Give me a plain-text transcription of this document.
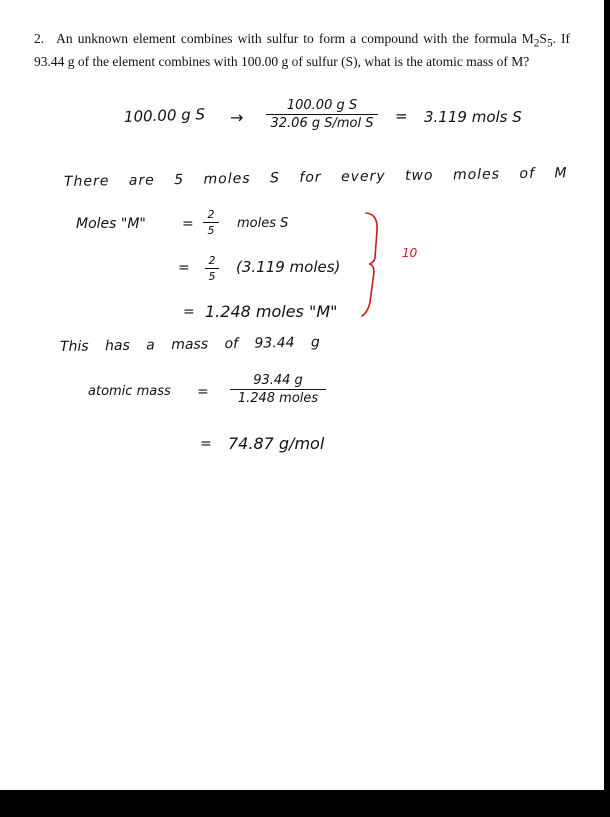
2. An unknown element combines with sulfur to form a compound with the formula $M_2S_5$. If 93.44 g of the element combines with 100.00 g of sulfur (S), what is the atomic mass of M?
100.00 g S →
100.00 g S
32.06 g S/mol S	= 3.119 mols S
There are 5 moles S for every two moles of M
Moles "M"	=
2
5	moles S
=	2
5
(3.119 moles)
= 1.248 moles "M"
This has a mass of 93.44 g
atomic mass =
93.44 g
1.248 moles
= 74.87 g/mol
10
